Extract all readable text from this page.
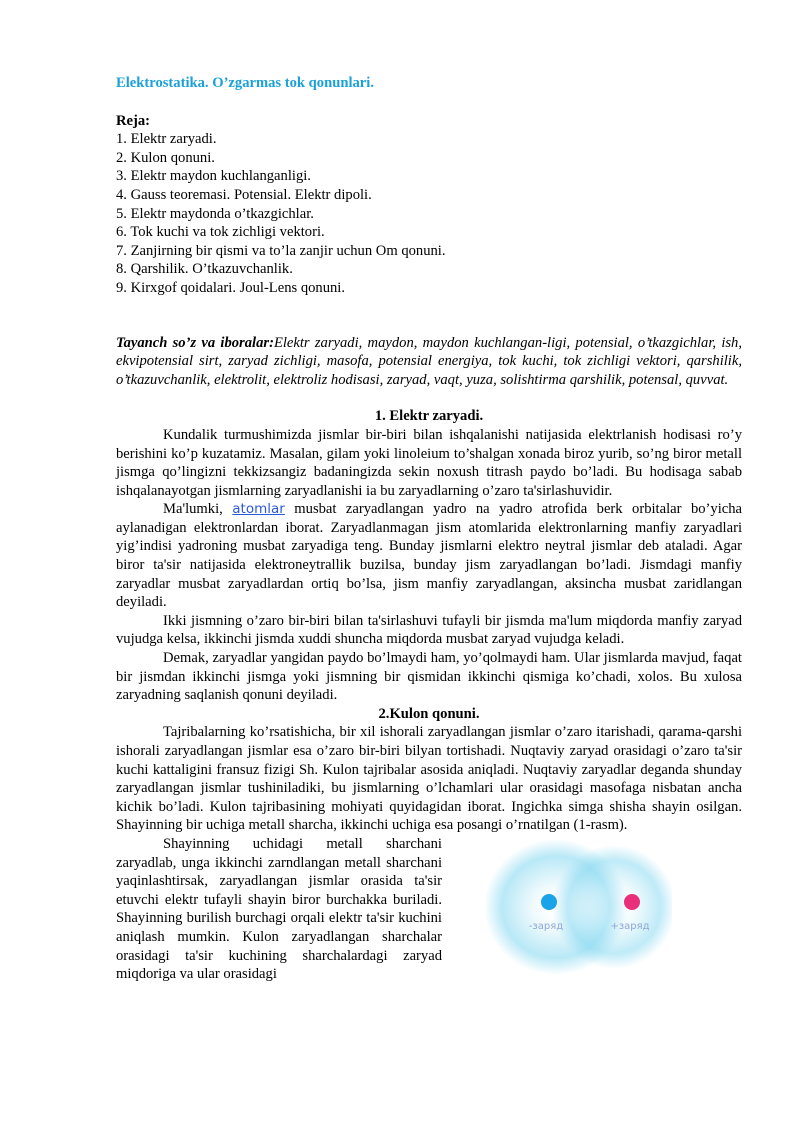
Elektrostatika. O’zgarmas tok qonunlari.

Reja:

1. Elektr zaryadi.
2. Kulon qonuni.
3. Elektr maydon kuchlanganligi.
4. Gauss teoremasi. Potensial. Elektr dipoli.
5. Elektr maydonda o’tkazgichlar.
6. Tok kuchi va tok zichligi vektori.
7. Zanjirning bir qismi va to’la zanjir uchun Om qonuni.
8. Qarshilik. O’tkazuvchanlik.
9. Kirxgof qoidalari. Joul-Lens qonuni.

Tayanch so’z va iboralar:Elektr zaryadi, maydon, maydon kuchlangan-ligi, potensial, o’tkazgichlar, ish, ekvipotensial sirt, zaryad zichligi, masofa, potensial energiya, tok kuchi, tok zichligi vektori, qarshilik, o’tkazuvchanlik, elektrolit, elektroliz hodisasi, zaryad, vaqt, yuza, solishtirma qarshilik, potensal, quvvat.

1. Elektr zaryadi.

Kundalik turmushimizda jismlar bir-biri bilan ishqalanishi natijasida elektrlanish hodisasi ro’y berishini ko’p kuzatamiz. Masalan, gilam yoki linoleium to’shalgan xonada biroz yurib, so’ng biror metall jismga qo’lingizni tekkizsangiz badaningizda sekin noxush titrash paydo bo’ladi. Bu hodisaga sabab ishqalanayotgan jismlarning zaryadlanishi ia bu zaryadlarning o’zaro ta'sirlashuvidir.

Ma'lumki, atomlar musbat zaryadlangan yadro na yadro atrofida berk orbitalar bo’yicha aylanadigan elektronlardan iborat. Zaryadlanmagan jism atomlarida elektronlarning manfiy zaryadlari yig’indisi yadroning musbat zaryadiga teng. Bunday jismlarni elektro neytral jismlar deb ataladi. Agar biror ta'sir natijasida elektroneytrallik buzilsa, bunday jism zaryadlangan bo’ladi. Jismdagi manfiy zaryadlar musbat zaryadlardan ortiq bo’lsa, jism manfiy zaryadlangan, aksincha musbat zaridlangan deyiladi.

Ikki jismning o’zaro bir-biri bilan ta'sirlashuvi tufayli bir jismda ma'lum miqdorda manfiy zaryad vujudga kelsa, ikkinchi jismda xuddi shuncha miqdorda musbat zaryad vujudga keladi.

Demak, zaryadlar yangidan paydo bo’lmaydi ham, yo’qolmaydi ham. Ular jismlarda mavjud, faqat bir jismdan ikkinchi jismga yoki jismning bir qismidan ikkinchi qismiga ko’chadi, xolos. Bu xulosa zaryadning saqlanish qonuni deyiladi.

2.Kulon qonuni.

Tajribalarning ko’rsatishicha, bir xil ishorali zaryadlangan jismlar o’zaro itarishadi, qarama-qarshi ishorali zaryadlangan jismlar esa o’zaro bir-biri bilyan tortishadi. Nuqtaviy zaryad orasidagi o’zaro ta'sir kuchi kattaligini fransuz fizigi Sh. Kulon tajribalar asosida aniqladi. Nuqtaviy zaryadlar deganda shunday zaryadlangan jismlar tushiniladiki, bu jismlarning o’lchamlari ular orasidagi masofaga nisbatan ancha kichik bo’ladi. Kulon tajribasining mohiyati quyidagidan iborat. Ingichka simga shisha shayin osilgan. Shayinning bir uchiga metall sharcha, ikkinchi uchiga esa posangi o’rnatilgan (1-rasm).

Shayinning uchidagi metall sharchani zaryadlab, unga ikkinchi zarndlangan metall sharchani yaqinlashtirsak, zaryadlangan jismlar orasida ta'sir etuvchi elektr tufayli shayin biror burchakka buriladi. Shayinning burilish burchagi orqali elektr ta'sir kuchini aniqlash mumkin. Kulon zaryadlangan sharchalar orasidagi ta'sir kuchining sharchalardagi zaryad miqdoriga va ular orasidagi

-заряд	+заряд
